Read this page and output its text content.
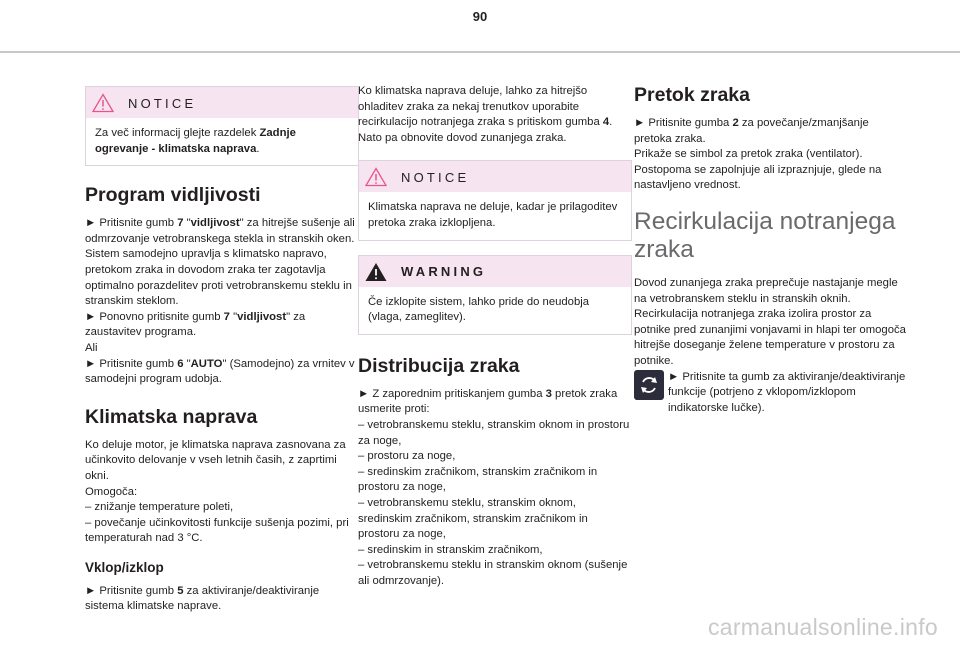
90
NOTICE

Za več informacij glejte razdelek Zadnje ogrevanje - klimatska naprava.

Program vidljivosti

► Pritisnite gumb 7 "vidljivost" za hitrejše sušenje ali odmrzovanje vetrobranskega stekla in stranskih oken.

Sistem samodejno upravlja s klimatsko napravo, pretokom zraka in dovodom zraka ter zagotavlja optimalno porazdelitev proti vetrobranskemu steklu in stranskim steklom.

► Ponovno pritisnite gumb 7 "vidljivost" za zaustavitev programa.

Ali

► Pritisnite gumb 6 "AUTO" (Samodejno) za vrnitev v samodejni program udobja.

Klimatska naprava

Ko deluje motor, je klimatska naprava zasnovana za učinkovito delovanje v vseh letnih časih, z zaprtimi okni.

Omogoča:

– znižanje temperature poleti,

– povečanje učinkovitosti funkcije sušenja pozimi, pri temperaturah nad 3 °C.

Vklop/izklop

► Pritisnite gumb 5 za aktiviranje/deaktiviranje sistema klimatske naprave.

Ko klimatska naprava deluje, lahko za hitrejšo ohladitev zraka za nekaj trenutkov uporabite recirkulacijo notranjega zraka s pritiskom gumba 4. Nato pa obnovite dovod zunanjega zraka.

NOTICE

Klimatska naprava ne deluje, kadar je prilagoditev pretoka zraka izklopljena.

WARNING

Če izklopite sistem, lahko pride do neudobja (vlaga, zameglitev).

Distribucija zraka

► Z zaporednim pritiskanjem gumba 3 pretok zraka usmerite proti:

– vetrobranskemu steklu, stranskim oknom in prostoru za noge,

– prostoru za noge,

– sredinskim zračnikom, stranskim zračnikom in prostoru za noge,

– vetrobranskemu steklu, stranskim oknom, sredinskim zračnikom, stranskim zračnikom in prostoru za noge,

– sredinskim in stranskim zračnikom,

– vetrobranskemu steklu in stranskim oknom (sušenje ali odmrzovanje).

Pretok zraka

► Pritisnite gumba 2 za povečanje/zmanjšanje pretoka zraka.

Prikaže se simbol za pretok zraka (ventilator). Postopoma se zapolnjuje ali izpraznjuje, glede na nastavljeno vrednost.

Recirkulacija notranjega zraka

Dovod zunanjega zraka preprečuje nastajanje megle na vetrobranskem steklu in stranskih oknih.

Recirkulacija notranjega zraka izolira prostor za potnike pred zunanjimi vonjavami in hlapi ter omogoča hitrejše doseganje želene temperature v prostoru za potnike.

► Pritisnite ta gumb za aktiviranje/deaktiviranje funkcije (potrjeno z vklopom/izklopom indikatorske lučke).

carmanualsonline.info
